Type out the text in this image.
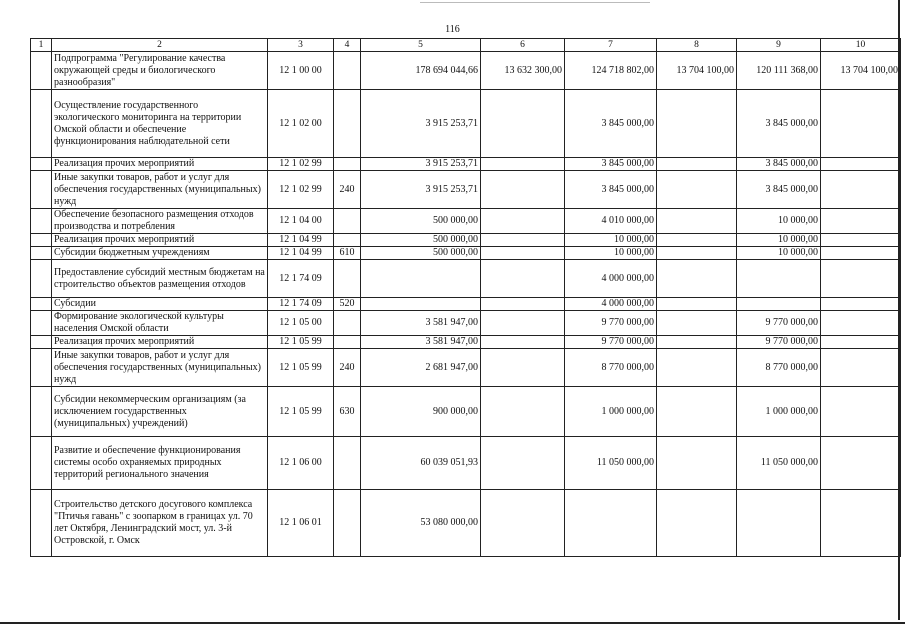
116
1	2	3	4	5	6	7	8	9	10
	Подпрограмма "Регулирование качества окружающей среды и биологического разнообразия"	12 1 00 00		178 694 044,66	13 632 300,00	124 718 802,00	13 704 100,00	120 111 368,00	13 704 100,00
	Осуществление государственного экологического мониторинга на территории Омской области и обеспечение функционирования наблюдательной сети	12 1 02 00		3 915 253,71		3 845 000,00		3 845 000,00	
	Реализация прочих мероприятий	12 1 02 99		3 915 253,71		3 845 000,00		3 845 000,00	
	Иные закупки товаров, работ и услуг для обеспечения государственных (муниципальных) нужд	12 1 02 99	240	3 915 253,71		3 845 000,00		3 845 000,00	
	Обеспечение безопасного размещения отходов производства и потребления	12 1 04 00		500 000,00		4 010 000,00		10 000,00	
	Реализация прочих мероприятий	12 1 04 99		500 000,00		10 000,00		10 000,00	
	Субсидии бюджетным учреждениям	12 1 04 99	610	500 000,00		10 000,00		10 000,00	
	Предоставление субсидий местным бюджетам на строительство объектов размещения отходов	12 1 74 09				4 000 000,00			
	Субсидии	12 1 74 09	520			4 000 000,00			
	Формирование экологической культуры населения Омской области	12 1 05 00		3 581 947,00		9 770 000,00		9 770 000,00	
	Реализация прочих мероприятий	12 1 05 99		3 581 947,00		9 770 000,00		9 770 000,00	
	Иные закупки товаров, работ и услуг для обеспечения государственных (муниципальных) нужд	12 1 05 99	240	2 681 947,00		8 770 000,00		8 770 000,00	
	Субсидии некоммерческим организациям (за исключением государственных (муниципальных) учреждений)	12 1 05 99	630	900 000,00		1 000 000,00		1 000 000,00	
	Развитие и обеспечение функционирования системы особо охраняемых природных территорий регионального значения	12 1 06 00		60 039 051,93		11 050 000,00		11 050 000,00	
	Строительство детского досугового комплекса "Птичья гавань" с зоопарком в границах ул. 70 лет Октября, Ленинградский мост, ул. 3-й Островской, г. Омск	12 1 06 01		53 080 000,00					
